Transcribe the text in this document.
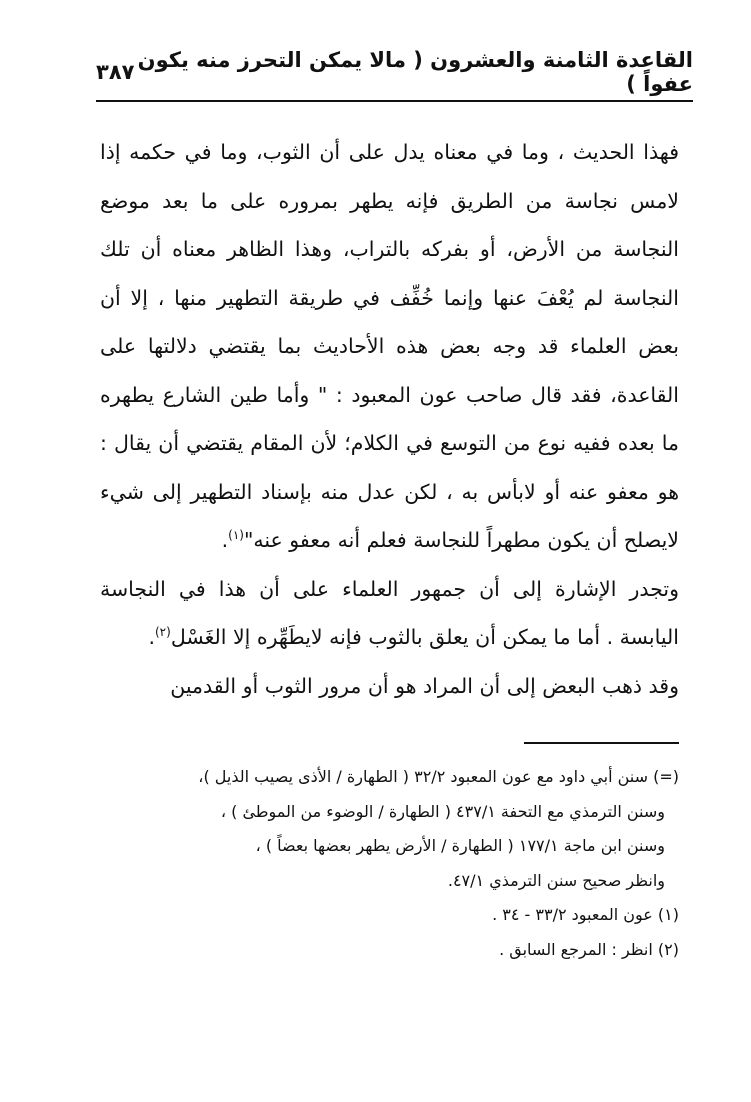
القاعدة الثامنة والعشرون ( مالا يمكن التحرز منه يكون عفواً )
٣٨٧

فهذا الحديث ، وما في معناه يدل على أن الثوب، وما في حكمه إذا لامس نجاسة من الطريق فإنه يطهر بمروره على ما بعد موضع النجاسة من الأرض، أو بفركه بالتراب، وهذا الظاهر معناه أن تلك النجاسة لم يُعْفَ عنها وإنما خُفِّف في طريقة التطهير منها ، إلا أن بعض العلماء قد وجه بعض هذه الأحاديث بما يقتضي دلالتها على القاعدة، فقد قال صاحب عون المعبود : " وأما طين الشارع يطهره ما بعده ففيه نوع من التوسع في الكلام؛ لأن المقام يقتضي أن يقال : هو معفو عنه أو لابأس به ، لكن عدل منه بإسناد التطهير إلى شيء لايصلح أن يكون مطهراً للنجاسة فعلم أنه معفو عنه"$^{(١)}$.

وتجدر الإشارة إلى أن جمهور العلماء على أن هذا في النجاسة اليابسة . أما ما يمكن أن يعلق بالثوب فإنه لايطَهِّره إلا الغَسْل$^{(٢)}$.

وقد ذهب البعض إلى أن المراد هو أن مرور الثوب أو القدمين

(=) سنن أبي داود مع عون المعبود ٣٢/٢ ( الطهارة / الأذى يصيب الذيل )،
وسنن الترمذي مع التحفة ٤٣٧/١ ( الطهارة / الوضوء من الموطئ ) ،
وسنن ابن ماجة ١٧٧/١ ( الطهارة / الأرض يطهر بعضها بعضاً ) ،
وانظر صحيح سنن الترمذي ٤٧/١.
(١) عون المعبود ٣٣/٢ - ٣٤ .
(٢) انظر : المرجع السابق .
